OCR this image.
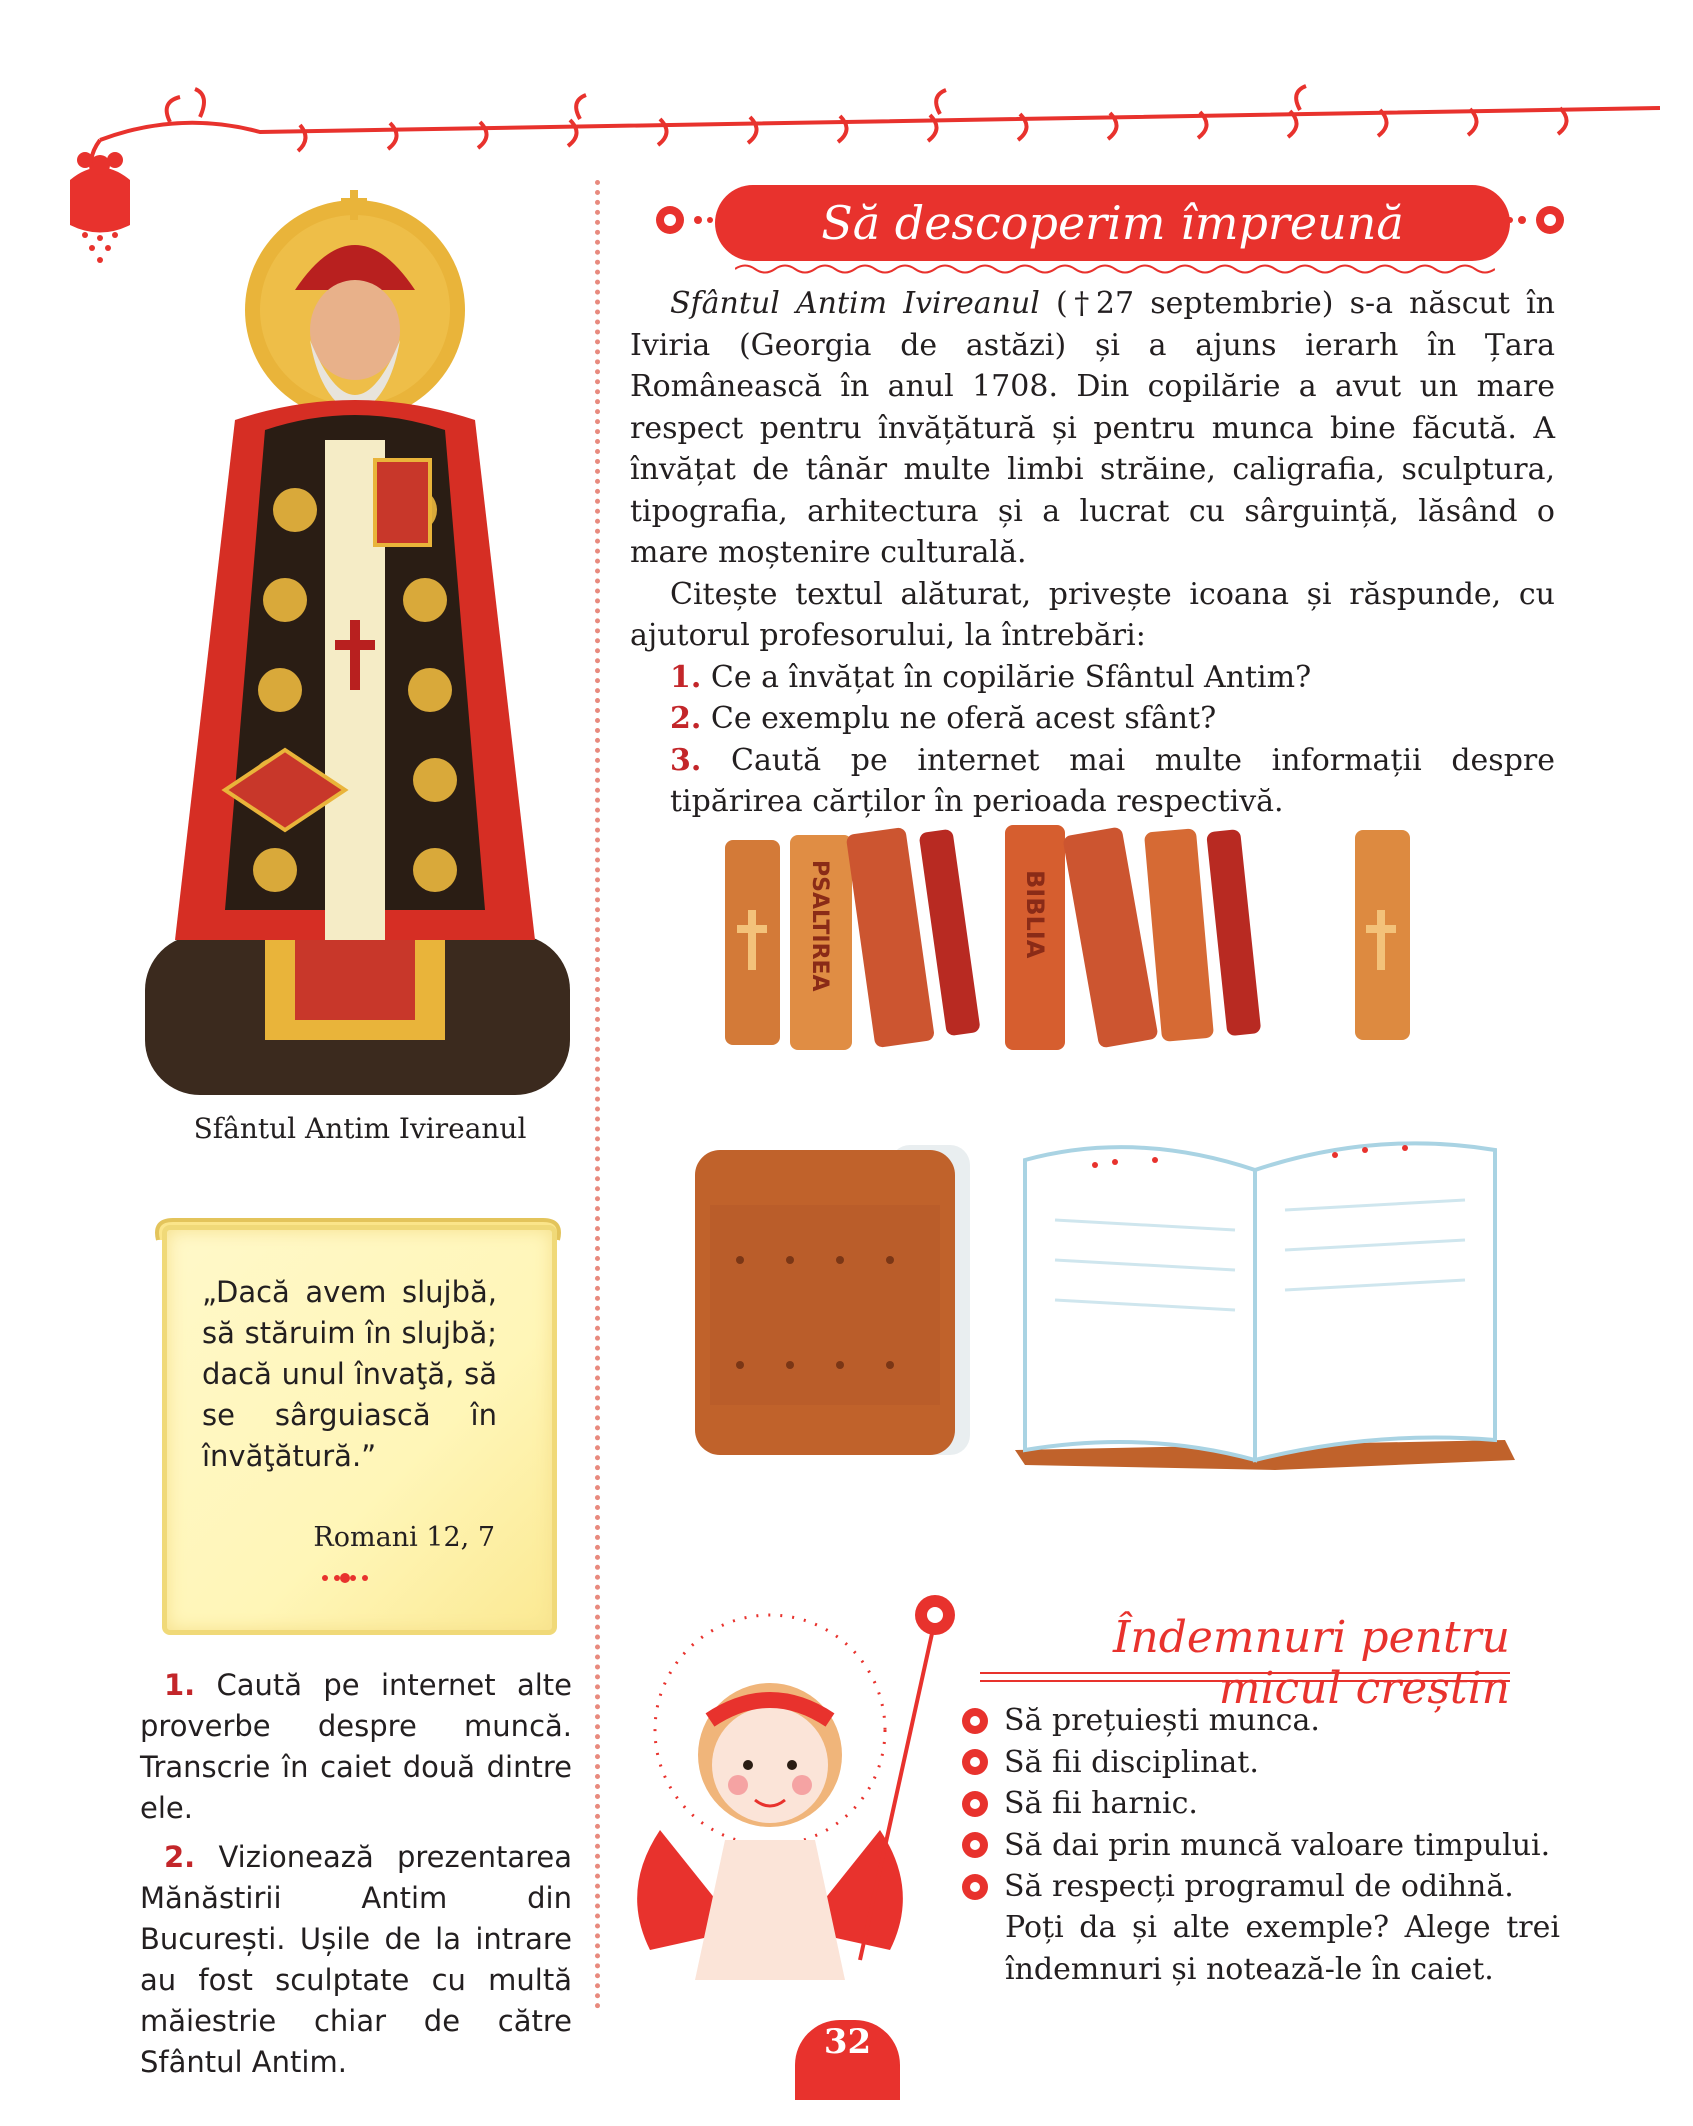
Să descoperim împreună

Sfântul Antim Ivireanul (†27 septembrie) s-a născut în Iviria (Georgia de astăzi) și a ajuns ierarh în Țara Românească în anul 1708. Din copilărie a avut un mare respect pentru învățătură și pentru munca bine făcută. A învățat de tânăr multe limbi străine, caligrafia, sculptura, tipografia, arhitectura și a lucrat cu sârguință, lăsând o mare moștenire culturală.

Citește textul alăturat, privește icoana și răspunde, cu ajutorul profesorului, la întrebări:

1. Ce a învățat în copilărie Sfântul Antim?

2. Ce exemplu ne oferă acest sfânt?

3. Caută pe internet mai multe informații despre tipărirea cărților în perioada respectivă.

Sfântul Antim Ivireanul
PSALTIREA	BIBLIA
„Dacă avem slujbă, să stăruim în slujbă; dacă unul învaţă, să se sârguiască în învăţătură.”
Romani 12, 7

1. Caută pe internet alte proverbe despre muncă. Transcrie în caiet două dintre ele.

2. Vizionează prezentarea Mănăstirii Antim din București. Ușile de la intrare au fost sculptate cu multă măiestrie chiar de către Sfântul Antim.

Îndemnuri pentru micul creștin
Să prețuiești munca.
Să fii disciplinat.
Să fii harnic.
Să dai prin muncă valoare timpului.
Să respecți programul de odihnă.
Poți da și alte exemple? Alege trei îndemnuri și notează-le în caiet.
32
